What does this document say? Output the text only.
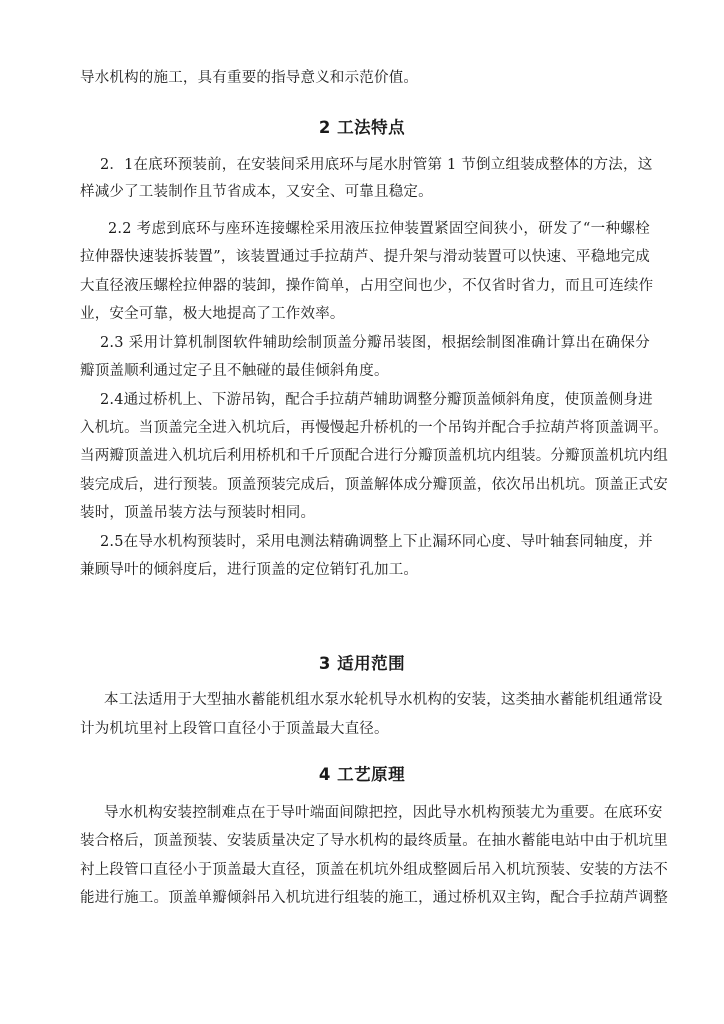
导水机构的施工，具有重要的指导意义和示范价值。
2 工法特点
2．1在底环预装前，在安装间采用底环与尾水肘管第 1 节倒立组装成整体的方法，这
样减少了工装制作且节省成本，又安全、可靠且稳定。
2.2 考虑到底环与座环连接螺栓采用液压拉伸装置紧固空间狭小，研发了“一种螺栓
拉伸器快速装拆装置”，该装置通过手拉葫芦、提升架与滑动装置可以快速、平稳地完成
大直径液压螺栓拉伸器的装卸，操作简单，占用空间也少，不仅省时省力，而且可连续作
业，安全可靠，极大地提高了工作效率。
2.3 采用计算机制图软件辅助绘制顶盖分瓣吊装图，根据绘制图准确计算出在确保分
瓣顶盖顺利通过定子且不触碰的最佳倾斜角度。
2.4通过桥机上、下游吊钩，配合手拉葫芦辅助调整分瓣顶盖倾斜角度，使顶盖侧身进
入机坑。当顶盖完全进入机坑后，再慢慢起升桥机的一个吊钩并配合手拉葫芦将顶盖调平。
当两瓣顶盖进入机坑后利用桥机和千斤顶配合进行分瓣顶盖机坑内组装。分瓣顶盖机坑内组
装完成后，进行预装。顶盖预装完成后，顶盖解体成分瓣顶盖，依次吊出机坑。顶盖正式安
装时，顶盖吊装方法与预装时相同。
2.5在导水机构预装时，采用电测法精确调整上下止漏环同心度、导叶轴套同轴度，并
兼顾导叶的倾斜度后，进行顶盖的定位销钉孔加工。
3 适用范围
本工法适用于大型抽水蓄能机组水泵水轮机导水机构的安装，这类抽水蓄能机组通常设
计为机坑里衬上段管口直径小于顶盖最大直径。
4 工艺原理
导水机构安装控制难点在于导叶端面间隙把控，因此导水机构预装尤为重要。在底环安
装合格后，顶盖预装、安装质量决定了导水机构的最终质量。在抽水蓄能电站中由于机坑里
衬上段管口直径小于顶盖最大直径，顶盖在机坑外组成整圆后吊入机坑预装、安装的方法不
能进行施工。顶盖单瓣倾斜吊入机坑进行组装的施工，通过桥机双主钩，配合手拉葫芦调整
